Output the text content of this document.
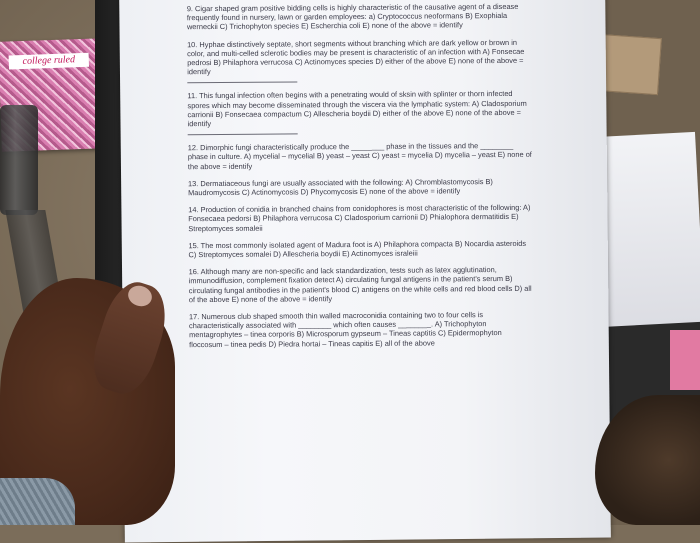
college ruled
9. Cigar shaped gram positive bidding cells is highly characteristic of the causative agent of a disease frequently found in nursery, lawn or garden employees: a) Cryptococcus neoformans B) Exophiala werneckii C) Trichophyton species E) Escherchia coli E) none of the above = identify
10. Hyphae distinctively septate, short segments without branching which are dark yellow or brown in color, and multi-celled sclerotic bodies may be present is characteristic of an infection with A) Fonsecae pedrosi B) Philaphora verrucosa C) Actinomyces species D) either of the above E) none of the above = identify
11. This fungal infection often begins with a penetrating would of sksin with splinter or thorn infected spores which may become disseminated through the viscera via the lymphatic system: A) Cladosporium carrionii B) Fonsecaea compactum C) Allescheria boydii D) either of the above E) none of the above = identify
12. Dimorphic fungi characteristically produce the ________ phase in the tissues and the ________ phase in culture. A) mycelial – mycelial B) yeast – yeast C) yeast = mycelia D) mycelia – yeast E) none of the above = identify
13. Dermatiaceous fungi are usually associated with the following: A) Chromblastomycosis B) Maudromycosis C) Actinomycosis D) Phycomycosis E) none of the above = identify
14. Production of conidia in branched chains from conidophores is most characteristic of the following: A) Fonsecaea pedorsi B) Philaphora verrucosa C) Cladosporium carrionii D) Phialophora dermatitidis E) Streptomyces somaleii
15. The most commonly isolated agent of Madura foot is A) Philaphora compacta B) Nocardia asteroids C) Streptomyces somalei D) Allescheria boydii E) Actinomyces israleiii
16. Although many are non-specific and lack standardization, tests such as latex agglutination, immunodiffusion, complement fixation detect A) circulating fungal antigens in the patient's serum B) circulating fungal antibodies in the patient's blood C) antigens on the white cells and red blood cells D) all of the above E) none of the above = identify
17. Numerous club shaped smooth thin walled macroconidia containing two to four cells is characteristically associated with ________ which often causes ________. A) Trichophyton mentagrophytes – tinea corporis B) Microsporum gypseum – Tineas captitis C) Epidermophyton floccosum – tinea pedis D) Piedra hortai – Tineas capitis E) all of the above
